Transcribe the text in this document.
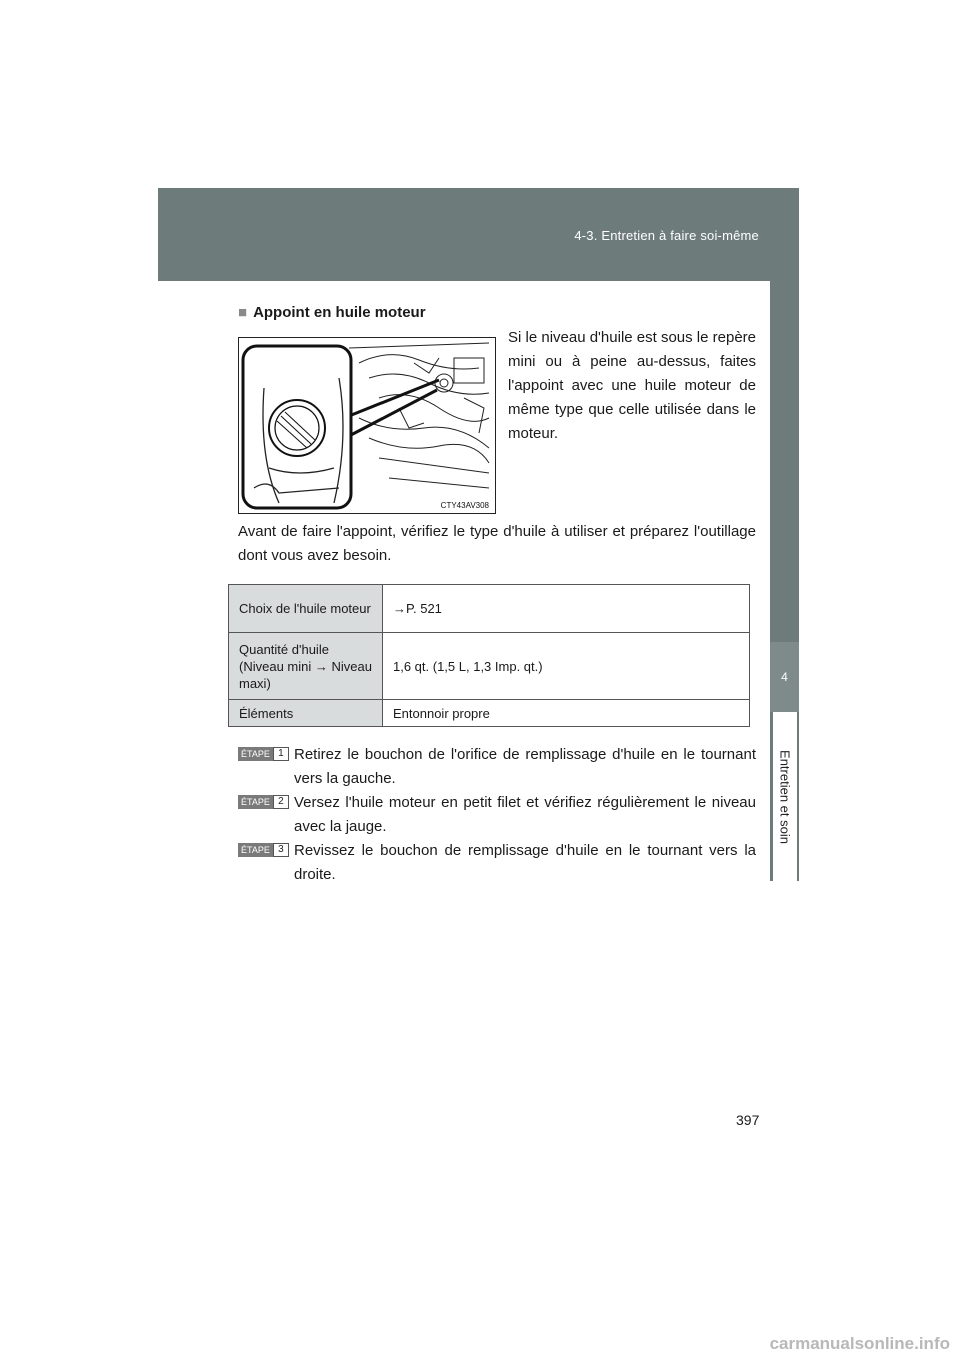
4-3. Entretien à faire soi-même
4
Entretien et soin
■ Appoint en huile moteur
CTY43AV308
Si le niveau d'huile est sous le repère mini ou à peine au-dessus, faites l'appoint avec une huile moteur de même type que celle utilisée dans le moteur.
Avant de faire l'appoint, vérifiez le type d'huile à utiliser et préparez l'outillage dont vous avez besoin.
Choix de l'huile moteur	→P. 521
Quantité d'huile (Niveau mini → Niveau maxi)	1,6 qt. (1,5 L, 1,3 Imp. qt.)
Éléments	Entonnoir propre
ÉTAPE 1 Retirez le bouchon de l'orifice de remplissage d'huile en le tournant vers la gauche.
ÉTAPE 2 Versez l'huile moteur en petit filet et vérifiez régulièrement le niveau avec la jauge.
ÉTAPE 3 Revissez le bouchon de remplissage d'huile en le tournant vers la droite.
397
carmanualsonline.info
